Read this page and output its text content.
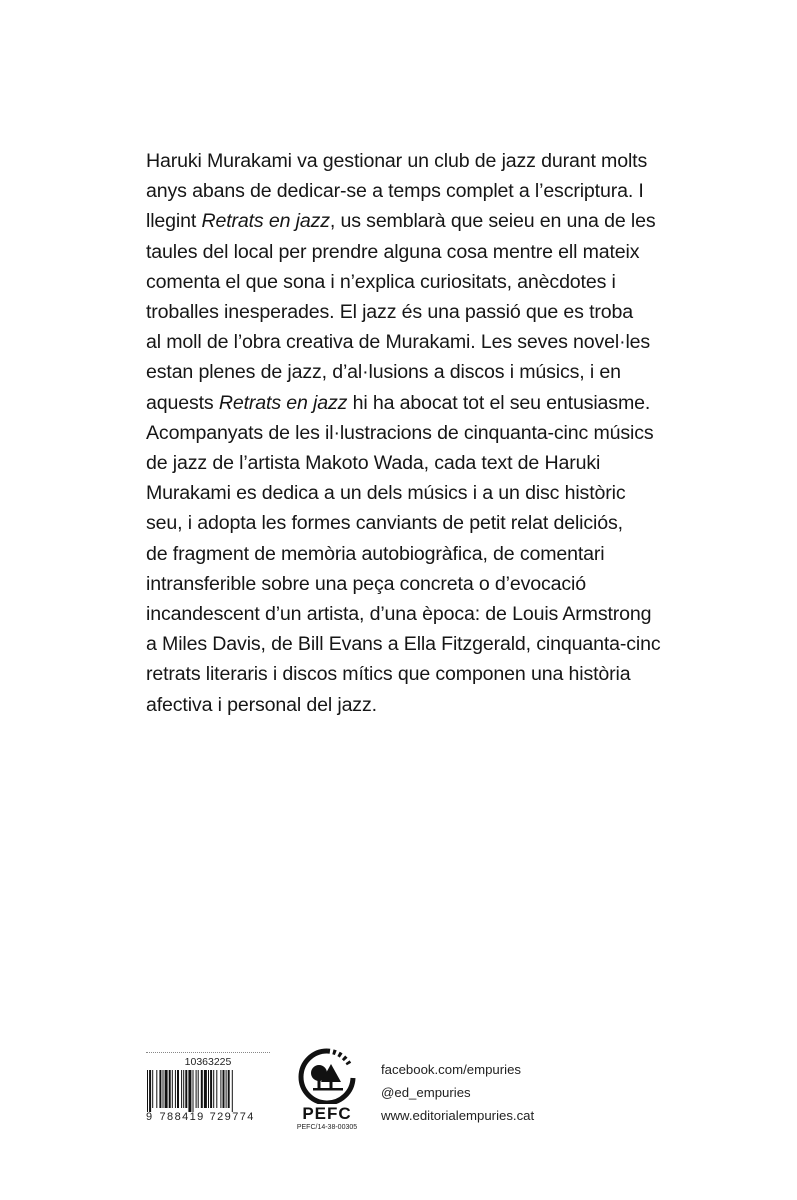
Haruki Murakami va gestionar un club de jazz durant molts
anys abans de dedicar-se a temps complet a l’escriptura. I
llegint Retrats en jazz, us semblarà que seieu en una de les
taules del local per prendre alguna cosa mentre ell mateix
comenta el que sona i n’explica curiositats, anècdotes i
troballes inesperades. El jazz és una passió que es troba
al moll de l’obra creativa de Murakami. Les seves novel·les
estan plenes de jazz, d’al·lusions a discos i músics, i en
aquests Retrats en jazz hi ha abocat tot el seu entusiasme.
Acompanyats de les il·lustracions de cinquanta-cinc músics
de jazz de l’artista Makoto Wada, cada text de Haruki
Murakami es dedica a un dels músics i a un disc històric
seu, i adopta les formes canviants de petit relat deliciós,
de fragment de memòria autobiogràfica, de comentari
intransferible sobre una peça concreta o d’evocació
incandescent d’un artista, d’una època: de Louis Armstrong
a Miles Davis, de Bill Evans a Ella Fitzgerald, cinquanta-cinc
retrats literaris i discos mítics que componen una història
afectiva i personal del jazz.
10363225
9 788419 729774	PEFC
PEFC/14-38-00305
facebook.com/empuries
@ed_empuries
www.editorialempuries.cat
